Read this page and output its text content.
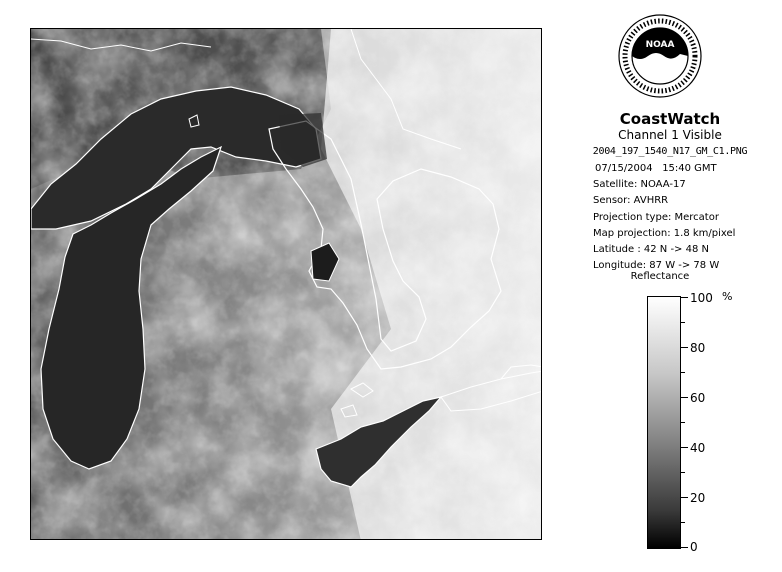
NOAA
CoastWatch
Channel 1 Visible
2004_197_1540_N17_GM_C1.PNG
07/15/2004 15:40 GMT
Satellite: NOAA-17
Sensor: AVHRR
Projection type: Mercator
Map projection: 1.8 km/pixel
Latitude : 42 N -> 48 N
Longitude: 87 W -> 78 W
Reflectance
%
100
80
60
40
20
0
